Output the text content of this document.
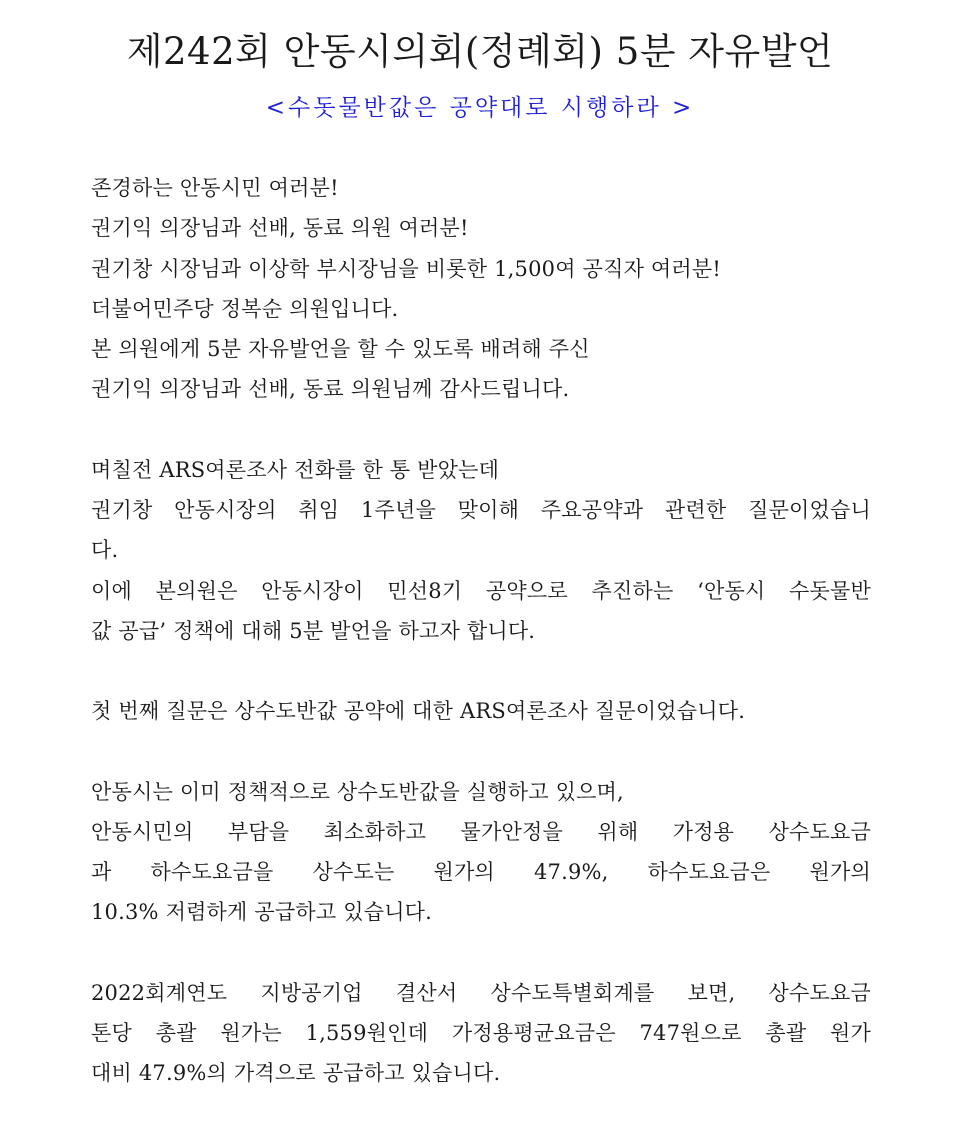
제242회 안동시의회(정례회) 5분 자유발언

<수돗물반값은 공약대로 시행하라 >

존경하는 안동시민 여러분!
권기익 의장님과 선배, 동료 의원 여러분!
권기창 시장님과 이상학 부시장님을 비롯한 1,500여 공직자 여러분!
더불어민주당 정복순 의원입니다.
본 의원에게 5분 자유발언을 할 수 있도록 배려해 주신
권기익 의장님과 선배, 동료 의원님께 감사드립니다.
며칠전 ARS여론조사 전화를 한 통 받았는데
권기창 안동시장의 취임 1주년을 맞이해 주요공약과 관련한 질문이었습니
다.
이에 본의원은 안동시장이 민선8기 공약으로 추진하는 ‘안동시 수돗물반
값 공급’ 정책에 대해 5분 발언을 하고자 합니다.
첫 번째 질문은 상수도반값 공약에 대한 ARS여론조사 질문이었습니다.
안동시는 이미 정책적으로 상수도반값을 실행하고 있으며,
안동시민의 부담을 최소화하고 물가안정을 위해 가정용 상수도요금
과 하수도요금을 상수도는 원가의 47.9%, 하수도요금은 원가의
10.3% 저렴하게 공급하고 있습니다.
2022회계연도 지방공기업 결산서 상수도특별회계를 보면, 상수도요금
톤당 총괄 원가는 1,559원인데 가정용평균요금은 747원으로 총괄 원가
대비 47.9%의 가격으로 공급하고 있습니다.
